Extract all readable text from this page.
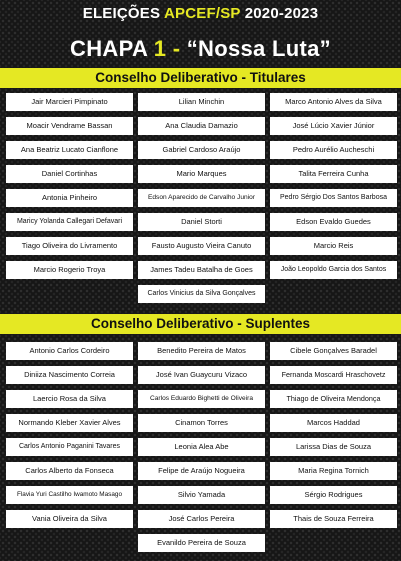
ELEIÇÕES APCEF/SP 2020-2023
CHAPA 1 - “Nossa Luta”
Conselho Deliberativo - Titulares
Jair Marcieri Pimpinato	Lilian Minchin	Marco Antonio Alves da Silva
Moacir Vendrame Bassan	Ana Claudia Damazio	José Lúcio Xavier Júnior
Ana Beatriz Lucato Cianflone	Gabriel Cardoso Araújo	Pedro Aurélio Aucheschi
Daniel Cortinhas	Mario Marques	Talita Ferreira Cunha
Antonia Pinheiro	Edson Aparecido de Carvalho Junior	Pedro Sérgio Dos Santos Barbosa
Maricy Yolanda Callegari Defavari	Daniel Storti	Edson Evaldo Guedes
Tiago Oliveira do Livramento	Fausto Augusto Vieira Canuto	Marcio Reis
Marcio Rogerio Troya	James Tadeu Batalha de Goes	João Leopoldo Garcia dos Santos
Carlos Vinicius da Silva Gonçalves
Conselho Deliberativo - Suplentes
Antonio Carlos Cordeiro	Benedito Pereira de Matos	Cibele Gonçalves Baradel
Diniiza Nascimento Correia	José Ivan Guaycuru Vizaco	Fernanda Moscardi Hraschovetz
Laercio Rosa da Silva	Carlos Eduardo Bighetti de Oliveira	Thiago de Oliveira Mendonça
Normando Kleber Xavier Alves	Cinamon Torres	Marcos Haddad
Carlos Antonio Paganini Tavares	Leonia Alea Abe	Larissa Dias de Souza
Carlos Alberto da Fonseca	Felipe de Araújo Nogueira	Maria Regina Tornich
Flavia Yuri Castilho Iwamoto Masago	Silvio Yamada	Sérgio Rodrigues
Vania Oliveira da Silva	José Carlos Pereira	Thais de Souza Ferreira
Evanildo Pereira de Souza
